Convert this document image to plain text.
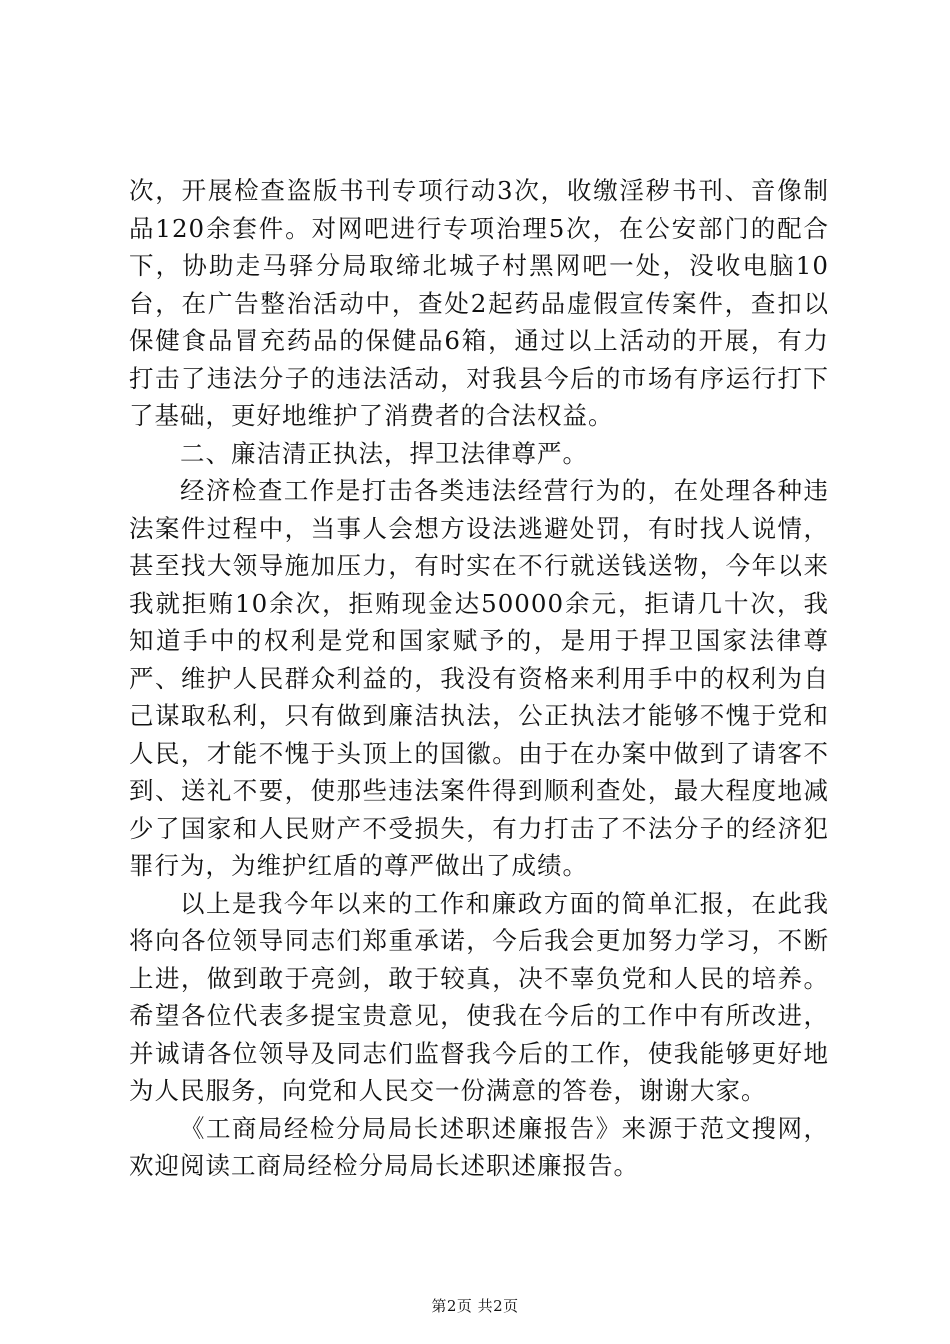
次，开展检查盗版书刊专项行动3次，收缴淫秽书刊、音像制品120余套件。对网吧进行专项治理5次，在公安部门的配合下，协助走马驿分局取缔北城子村黑网吧一处，没收电脑10台，在广告整治活动中，查处2起药品虚假宣传案件，查扣以保健食品冒充药品的保健品6箱，通过以上活动的开展，有力打击了违法分子的违法活动，对我县今后的市场有序运行打下了基础，更好地维护了消费者的合法权益。

二、廉洁清正执法，捍卫法律尊严。

经济检查工作是打击各类违法经营行为的，在处理各种违法案件过程中，当事人会想方设法逃避处罚，有时找人说情，甚至找大领导施加压力，有时实在不行就送钱送物，今年以来我就拒贿10余次，拒贿现金达50000余元，拒请几十次，我知道手中的权利是党和国家赋予的，是用于捍卫国家法律尊严、维护人民群众利益的，我没有资格来利用手中的权利为自己谋取私利，只有做到廉洁执法，公正执法才能够不愧于党和人民，才能不愧于头顶上的国徽。由于在办案中做到了请客不到、送礼不要，使那些违法案件得到顺利查处，最大程度地减少了国家和人民财产不受损失，有力打击了不法分子的经济犯罪行为，为维护红盾的尊严做出了成绩。

以上是我今年以来的工作和廉政方面的简单汇报，在此我将向各位领导同志们郑重承诺，今后我会更加努力学习，不断上进，做到敢于亮剑，敢于较真，决不辜负党和人民的培养。希望各位代表多提宝贵意见，使我在今后的工作中有所改进，并诚请各位领导及同志们监督我今后的工作，使我能够更好地为人民服务，向党和人民交一份满意的答卷，谢谢大家。

《工商局经检分局局长述职述廉报告》来源于范文搜网，欢迎阅读工商局经检分局局长述职述廉报告。

第2页 共2页
